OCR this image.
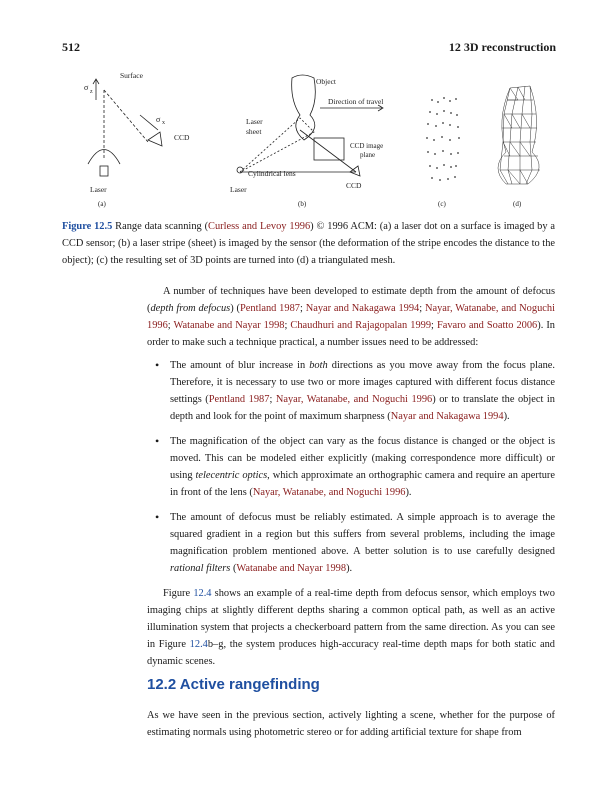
512	12 3D reconstruction
Surface
σ z
σ x
CCD
Laser
(a)
Object
Direction of travel
Laser
sheet
CCD image
plane
Cylindrical lens
Laser	CCD
(b)	(c)	(d)
Figure 12.5 Range data scanning (Curless and Levoy 1996) © 1996 ACM: (a) a laser dot on a surface is imaged by a CCD sensor; (b) a laser stripe (sheet) is imaged by the sensor (the deformation of the stripe encodes the distance to the object); (c) the resulting set of 3D points are turned into (d) a triangulated mesh.

A number of techniques have been developed to estimate depth from the amount of defocus (depth from defocus) (Pentland 1987; Nayar and Nakagawa 1994; Nayar, Watanabe, and Noguchi 1996; Watanabe and Nayar 1998; Chaudhuri and Rajagopalan 1999; Favaro and Soatto 2006). In order to make such a technique practical, a number issues need to be addressed:

• The amount of blur increase in both directions as you move away from the focus plane. Therefore, it is necessary to use two or more images captured with different focus distance settings (Pentland 1987; Nayar, Watanabe, and Noguchi 1996) or to translate the object in depth and look for the point of maximum sharpness (Nayar and Nakagawa 1994).
• The magnification of the object can vary as the focus distance is changed or the object is moved. This can be modeled either explicitly (making correspondence more difficult) or using telecentric optics, which approximate an orthographic camera and require an aperture in front of the lens (Nayar, Watanabe, and Noguchi 1996).
• The amount of defocus must be reliably estimated. A simple approach is to average the squared gradient in a region but this suffers from several problems, including the image magnification problem mentioned above. A better solution is to use carefully designed rational filters (Watanabe and Nayar 1998).

Figure 12.4 shows an example of a real-time depth from defocus sensor, which employs two imaging chips at slightly different depths sharing a common optical path, as well as an active illumination system that projects a checkerboard pattern from the same direction. As you can see in Figure 12.4b–g, the system produces high-accuracy real-time depth maps for both static and dynamic scenes.

12.2 Active rangefinding
As we have seen in the previous section, actively lighting a scene, whether for the purpose of estimating normals using photometric stereo or for adding artificial texture for shape from
